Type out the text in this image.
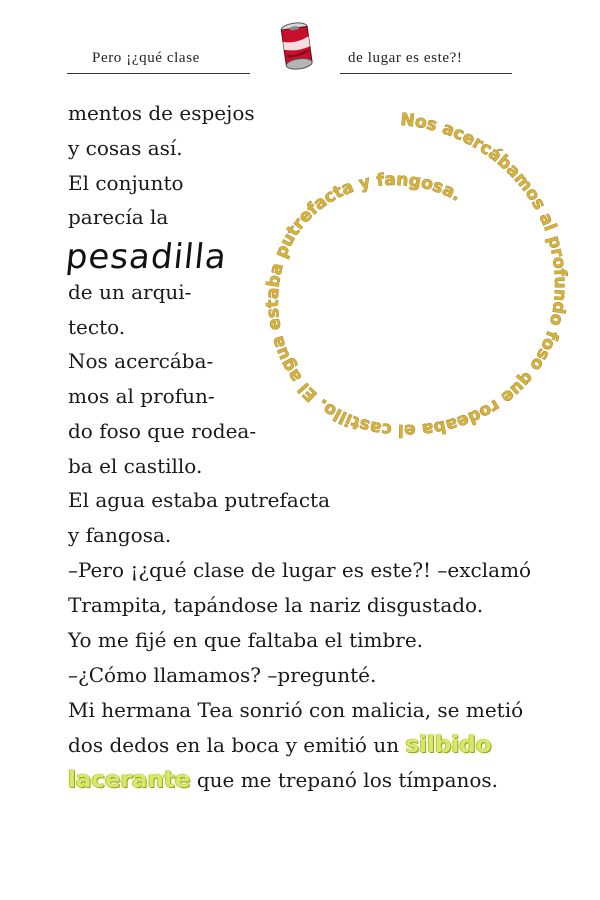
Pero ¡¿qué clase	de lugar es este?!
mentos de espejos
y cosas así.
El conjunto
parecía la
pesadilla
de un arqui-
tecto.
Nos acercába-
mos al profun-
do foso que rodea-
ba el castillo.
El agua estaba putrefacta
y fangosa.
–Pero ¡¿qué clase de lugar es este?! –exclamó
Trampita, tapándose la nariz disgustado.
Yo me fijé en que faltaba el timbre.
–¿Cómo llamamos? –pregunté.
Mi hermana Tea sonrió con malicia, se metió
dos dedos en la boca y emitió un silbido
lacerante que me trepanó los tímpanos.
Nos acercábamos al profundo foso que rodeaba el castillo. El agua estaba putrefacta y fangosa.
